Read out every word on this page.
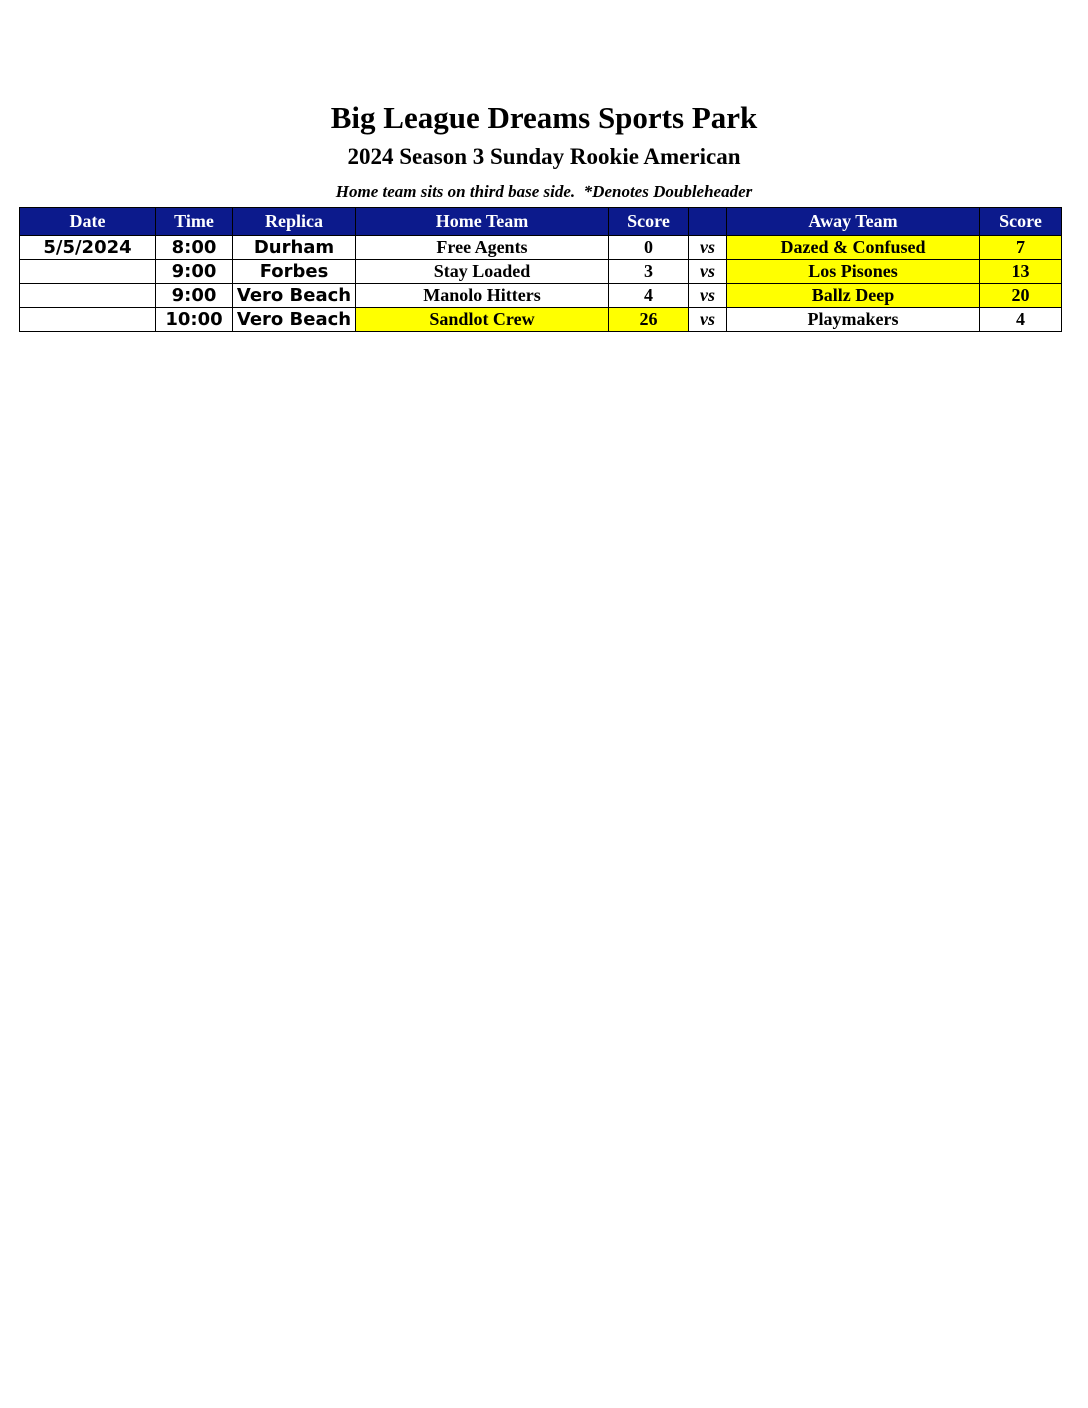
Big League Dreams Sports Park
2024 Season 3 Sunday Rookie American
Home team sits on third base side.  *Denotes Doubleheader
Date	Time	Replica	Home Team	Score		Away Team	Score
5/5/2024	8:00	Durham	Free Agents	0	vs	Dazed & Confused	7
	9:00	Forbes	Stay Loaded	3	vs	Los Pisones	13
	9:00	Vero Beach	Manolo Hitters	4	vs	Ballz Deep	20
	10:00	Vero Beach	Sandlot Crew	26	vs	Playmakers	4
